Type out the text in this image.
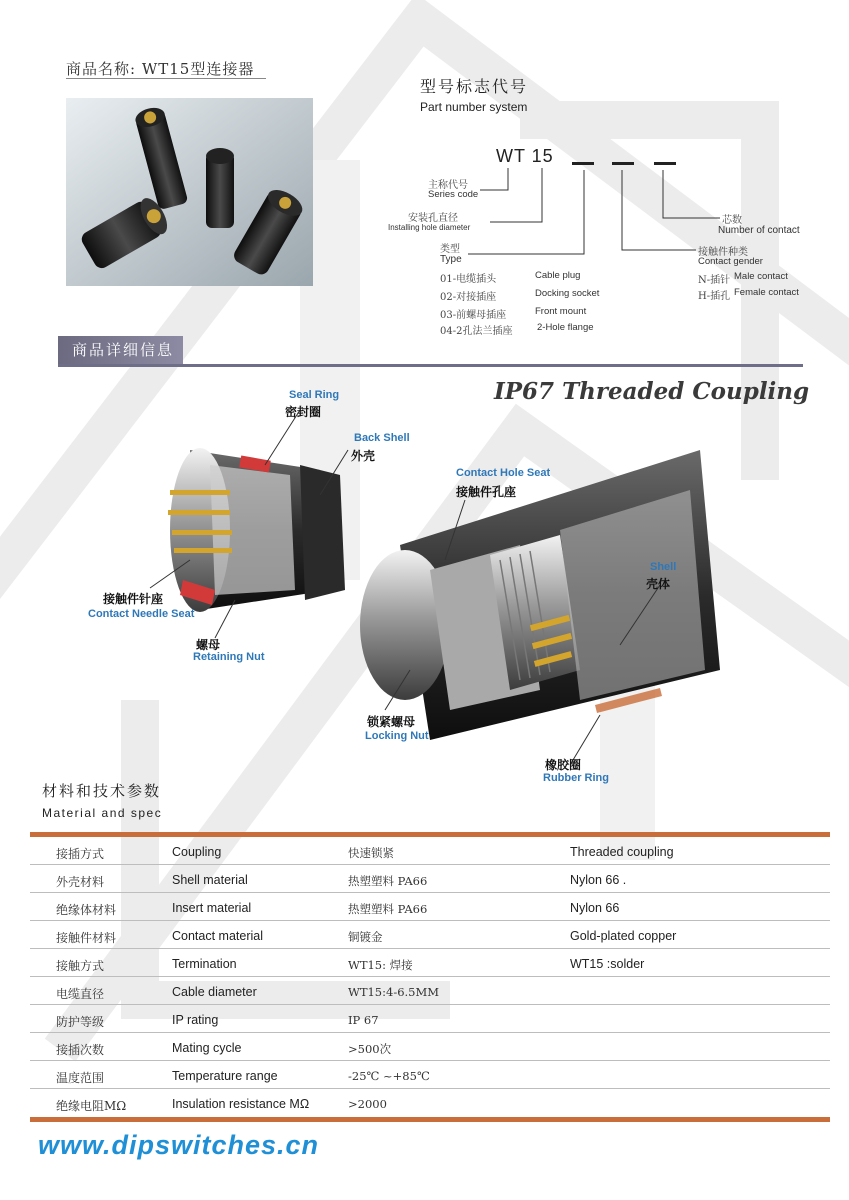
商品名称: WT15型连接器
型号标志代号
Part number system
WT 15
主称代号
Series code
安装孔直径
Installing hole diameter
类型
Type
01-电缆插头	Cable plug
02-对接插座	Docking socket
03-前螺母插座	Front mount
04-2孔法兰插座	2-Hole flange
芯数
Number of contact
接触件种类
Contact gender
N-插针 Male contact
H-插孔 Female contact
商品详细信息
IP67 Threaded Coupling
Seal Ring
密封圈
Back Shell
外壳
Contact Hole Seat
接触件孔座
Shell
壳体
接触件针座
Contact Needle Seat
螺母
Retaining Nut
锁紧螺母
Locking Nut
橡胶圈
Rubber Ring
材料和技术参数
Material and spec
接插方式	Coupling	快速锁紧	Threaded coupling
外壳材料	Shell material	热塑塑料 PA66	Nylon 66 .
绝缘体材料	Insert material	热塑塑料 PA66	Nylon 66
接触件材料	Contact material	铜镀金	Gold-plated copper
接触方式	Termination	WT15: 焊接	WT15 :solder
电缆直径	Cable diameter	WT15:4-6.5MM
防护等级	IP rating	IP 67
接插次数	Mating cycle	>500次
温度范围	Temperature range	-25℃ ~+85℃
绝缘电阻MΩ	Insulation resistance MΩ	>2000
www.dipswitches.cn
